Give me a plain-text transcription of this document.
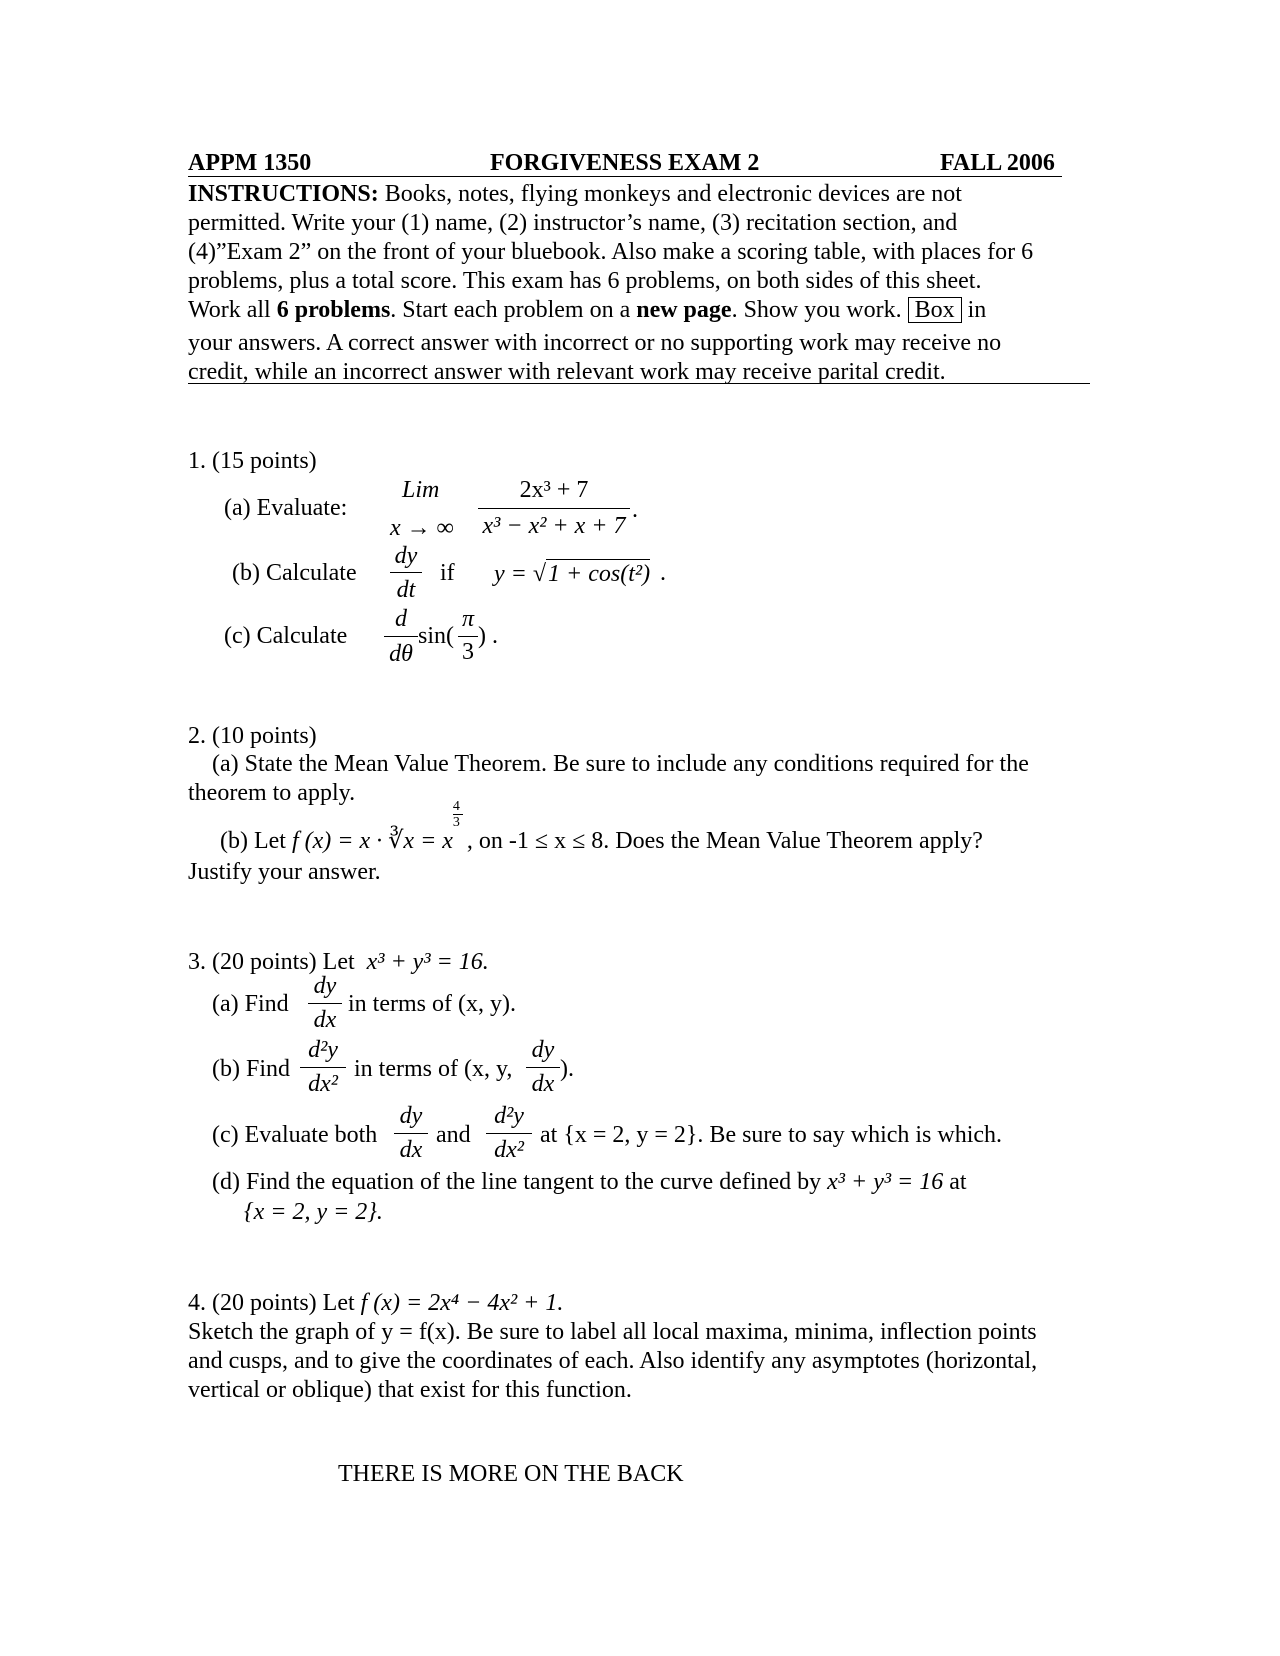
APPM 1350	FORGIVENESS EXAM 2	FALL 2006
INSTRUCTIONS: Books, notes, flying monkeys and electronic devices are not
permitted. Write your (1) name, (2) instructor’s name, (3) recitation section, and
(4)”Exam 2” on the front of your bluebook. Also make a scoring table, with places for 6
problems, plus a total score. This exam has 6 problems, on both sides of this sheet.
Work all 6 problems. Start each problem on a new page. Show you work. Box in
your answers. A correct answer with incorrect or no supporting work may receive no
credit, while an incorrect answer with relevant work may receive parital credit.
1. (15 points)
(a) Evaluate:
Lim
x → ∞
2x³ + 7
x³ − x² + x + 7
.
(b) Calculate
dy
dt
if y = √1 + cos(t²) .
(c) Calculate
d
dθ
sin(
π
3
) .
2. (10 points)
(a) State the Mean Value Theorem. Be sure to include any conditions required for the
theorem to apply.
(b) Let f (x) = x · ∛x = x $\frac{4}{3}$ , on -1 ≤ x ≤ 8. Does the Mean Value Theorem apply?
Justify your answer.
3. (20 points) Let x³ + y³ = 16.
(a) Find
dy
dx
in terms of (x, y).
(b) Find
d²y
dx²
in terms of (x, y,
dy
dx
).
(c) Evaluate both
dy
dx
and
d²y
dx²
at {x = 2, y = 2}. Be sure to say which is which.
(d) Find the equation of the line tangent to the curve defined by x³ + y³ = 16 at
{x = 2, y = 2}.
4. (20 points) Let f (x) = 2x⁴ − 4x² + 1.
Sketch the graph of y = f(x). Be sure to label all local maxima, minima, inflection points
and cusps, and to give the coordinates of each. Also identify any asymptotes (horizontal,
vertical or oblique) that exist for this function.
THERE IS MORE ON THE BACK
